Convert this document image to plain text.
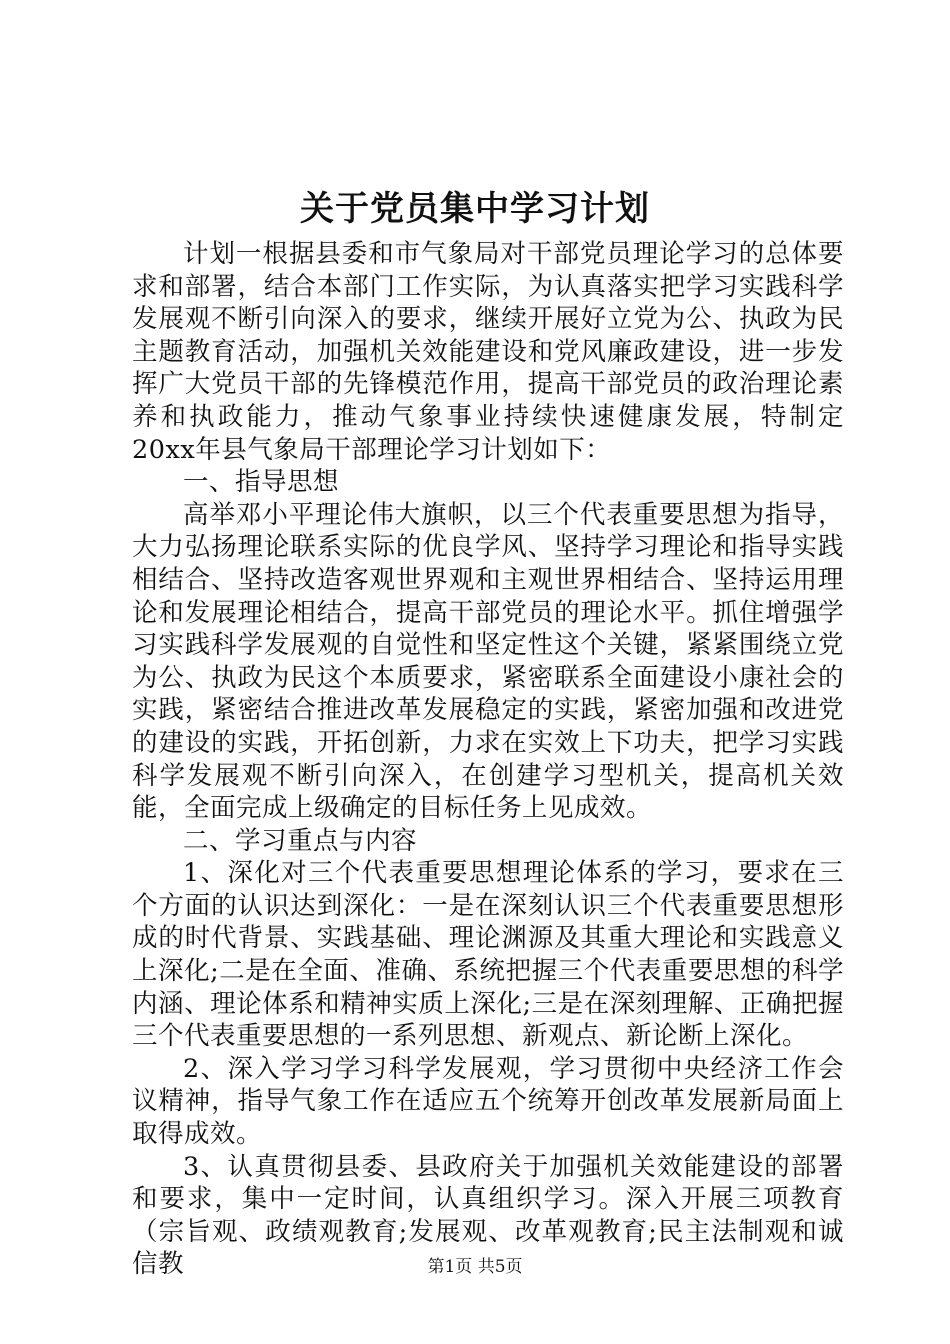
关于党员集中学习计划

计划一根据县委和市气象局对干部党员理论学习的总体要求和部署，结合本部门工作实际，为认真落实把学习实践科学发展观不断引向深入的要求，继续开展好立党为公、执政为民主题教育活动，加强机关效能建设和党风廉政建设，进一步发挥广大党员干部的先锋模范作用，提高干部党员的政治理论素养和执政能力，推动气象事业持续快速健康发展，特制定20xx年县气象局干部理论学习计划如下：

一、指导思想

高举邓小平理论伟大旗帜，以三个代表重要思想为指导，大力弘扬理论联系实际的优良学风、坚持学习理论和指导实践相结合、坚持改造客观世界观和主观世界相结合、坚持运用理论和发展理论相结合，提高干部党员的理论水平。抓住增强学习实践科学发展观的自觉性和坚定性这个关键，紧紧围绕立党为公、执政为民这个本质要求，紧密联系全面建设小康社会的实践，紧密结合推进改革发展稳定的实践，紧密加强和改进党的建设的实践，开拓创新，力求在实效上下功夫，把学习实践科学发展观不断引向深入，在创建学习型机关，提高机关效能，全面完成上级确定的目标任务上见成效。

二、学习重点与内容

1、深化对三个代表重要思想理论体系的学习，要求在三个方面的认识达到深化：一是在深刻认识三个代表重要思想形成的时代背景、实践基础、理论渊源及其重大理论和实践意义上深化;二是在全面、准确、系统把握三个代表重要思想的科学内涵、理论体系和精神实质上深化;三是在深刻理解、正确把握三个代表重要思想的一系列思想、新观点、新论断上深化。

2、深入学习学习科学发展观，学习贯彻中央经济工作会议精神，指导气象工作在适应五个统筹开创改革发展新局面上取得成效。

3、认真贯彻县委、县政府关于加强机关效能建设的部署和要求，集中一定时间，认真组织学习。深入开展三项教育（宗旨观、政绩观教育;发展观、改革观教育;民主法制观和诚信教	第1页 共5页
